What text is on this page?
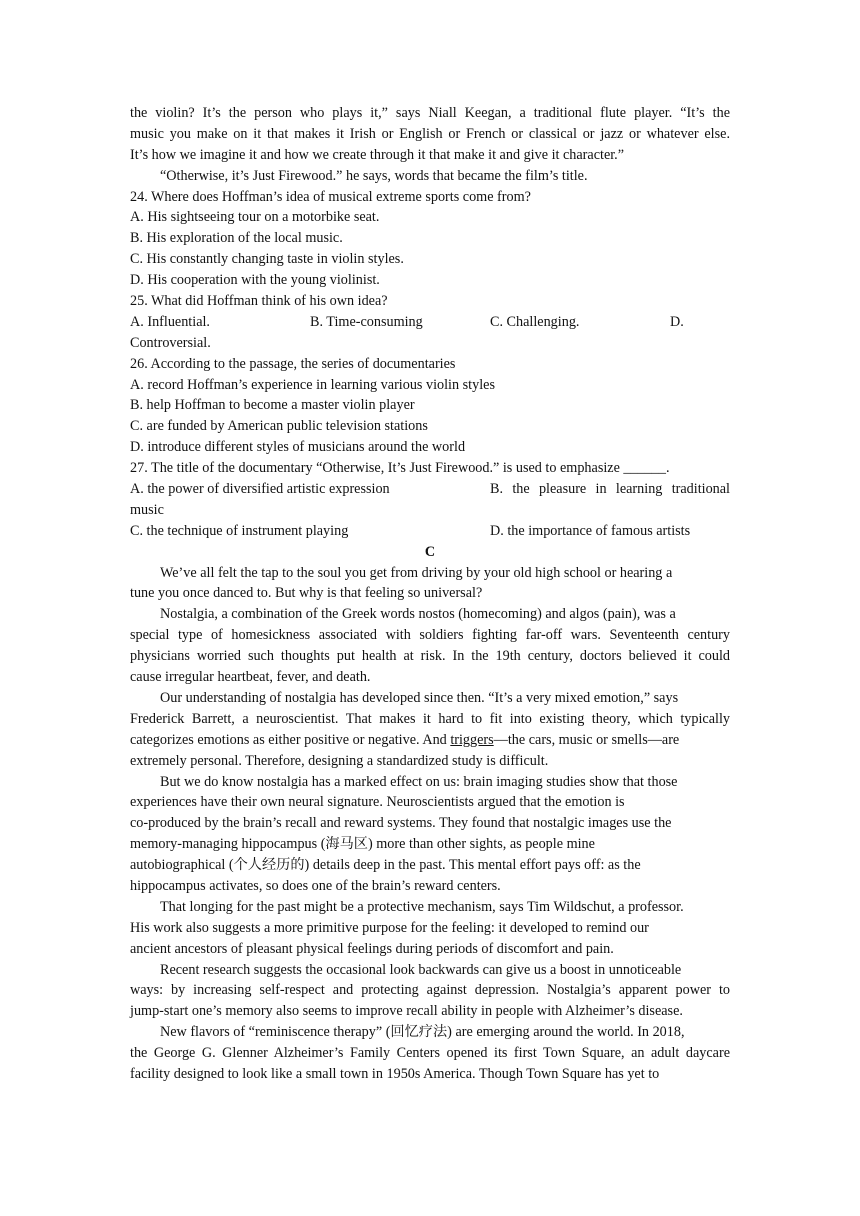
the violin? It’s the person who plays it,” says Niall Keegan, a traditional flute player. “It’s the
music you make on it that makes it Irish or English or French or classical or jazz or whatever else.
It’s how we imagine it and how we create through it that make it and give it character.”
“Otherwise, it’s Just Firewood.” he says, words that became the film’s title.
24. Where does Hoffman’s idea of musical extreme sports come from?
A. His sightseeing tour on a motorbike seat.
B. His exploration of the local music.
C. His constantly changing taste in violin styles.
D. His cooperation with the young violinist.
25. What did Hoffman think of his own idea?
A. Influential.	B. Time-consuming	C. Challenging.	D.
Controversial.
26. According to the passage, the series of documentaries
A. record Hoffman’s experience in learning various violin styles
B. help Hoffman to become a master violin player
C. are funded by American public television stations
D. introduce different styles of musicians around the world
27. The title of the documentary “Otherwise, It’s Just Firewood.” is used to emphasize ______.
A. the power of diversified artistic expression	B. the pleasure in learning traditional
music
C. the technique of instrument playing	D. the importance of famous artists
C
We’ve all felt the tap to the soul you get from driving by your old high school or hearing a
tune you once danced to. But why is that feeling so universal?
Nostalgia, a combination of the Greek words nostos (homecoming) and algos (pain), was a
special type of homesickness associated with soldiers fighting far-off wars. Seventeenth century
physicians worried such thoughts put health at risk. In the 19th century, doctors believed it could
cause irregular heartbeat, fever, and death.
Our understanding of nostalgia has developed since then. “It’s a very mixed emotion,” says
Frederick Barrett, a neuroscientist. That makes it hard to fit into existing theory, which typically
categorizes emotions as either positive or negative. And triggers—the cars, music or smells—are
extremely personal. Therefore, designing a standardized study is difficult.
But we do know nostalgia has a marked effect on us: brain imaging studies show that those
experiences have their own neural signature. Neuroscientists argued that the emotion is
co-produced by the brain’s recall and reward systems. They found that nostalgic images use the
memory-managing hippocampus (海马区) more than other sights, as people mine
autobiographical (个人经历的) details deep in the past. This mental effort pays off: as the
hippocampus activates, so does one of the brain’s reward centers.
That longing for the past might be a protective mechanism, says Tim Wildschut, a professor.
His work also suggests a more primitive purpose for the feeling: it developed to remind our
ancient ancestors of pleasant physical feelings during periods of discomfort and pain.
Recent research suggests the occasional look backwards can give us a boost in unnoticeable
ways: by increasing self-respect and protecting against depression. Nostalgia’s apparent power to
jump-start one’s memory also seems to improve recall ability in people with Alzheimer’s disease.
New flavors of “reminiscence therapy” (回忆疗法) are emerging around the world. In 2018,
the George G. Glenner Alzheimer’s Family Centers opened its first Town Square, an adult daycare
facility designed to look like a small town in 1950s America. Though Town Square has yet to
